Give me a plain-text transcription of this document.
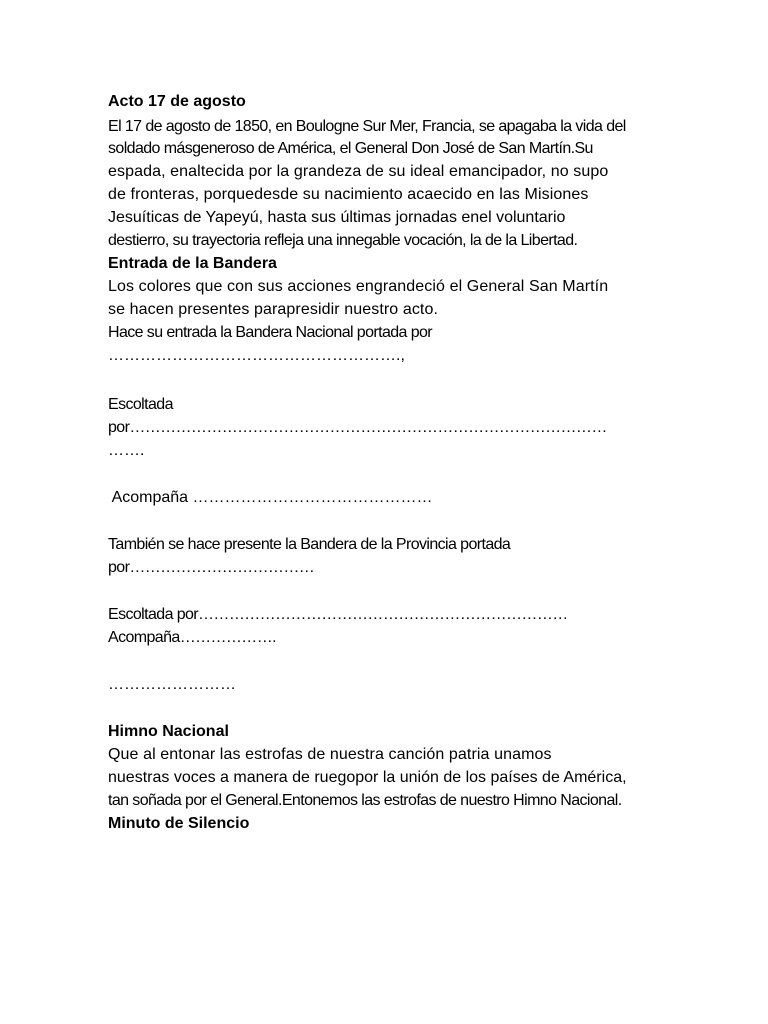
Acto 17 de agosto
El 17 de agosto de 1850, en Boulogne Sur Mer, Francia, se apagaba la vida del
soldado másgeneroso de América, el General Don José de San Martín.Su
espada, enaltecida por la grandeza de su ideal emancipador, no supo
de fronteras, porquedesde su nacimiento acaecido en las Misiones
Jesuíticas de Yapeyú, hasta sus últimas jornadas enel voluntario
destierro, su trayectoria refleja una innegable vocación, la de la Libertad.
Entrada de la Bandera
Los colores que con sus acciones engrandeció el General San Martín
se hacen presentes parapresidir nuestro acto.
Hace su entrada la Bandera Nacional portada por
……………………………………………….,
Escoltada
por…………………………………………………………………………………
…….
Acompaña ………………………………………
También se hace presente la Bandera de la Provincia portada
por………………………………
Escoltada por………………………………………………………………
Acompaña……………….
……………………
Himno Nacional
Que al entonar las estrofas de nuestra canción patria unamos
nuestras voces a manera de ruegopor la unión de los países de América,
tan soñada por el General.Entonemos las estrofas de nuestro Himno Nacional.
Minuto de Silencio
